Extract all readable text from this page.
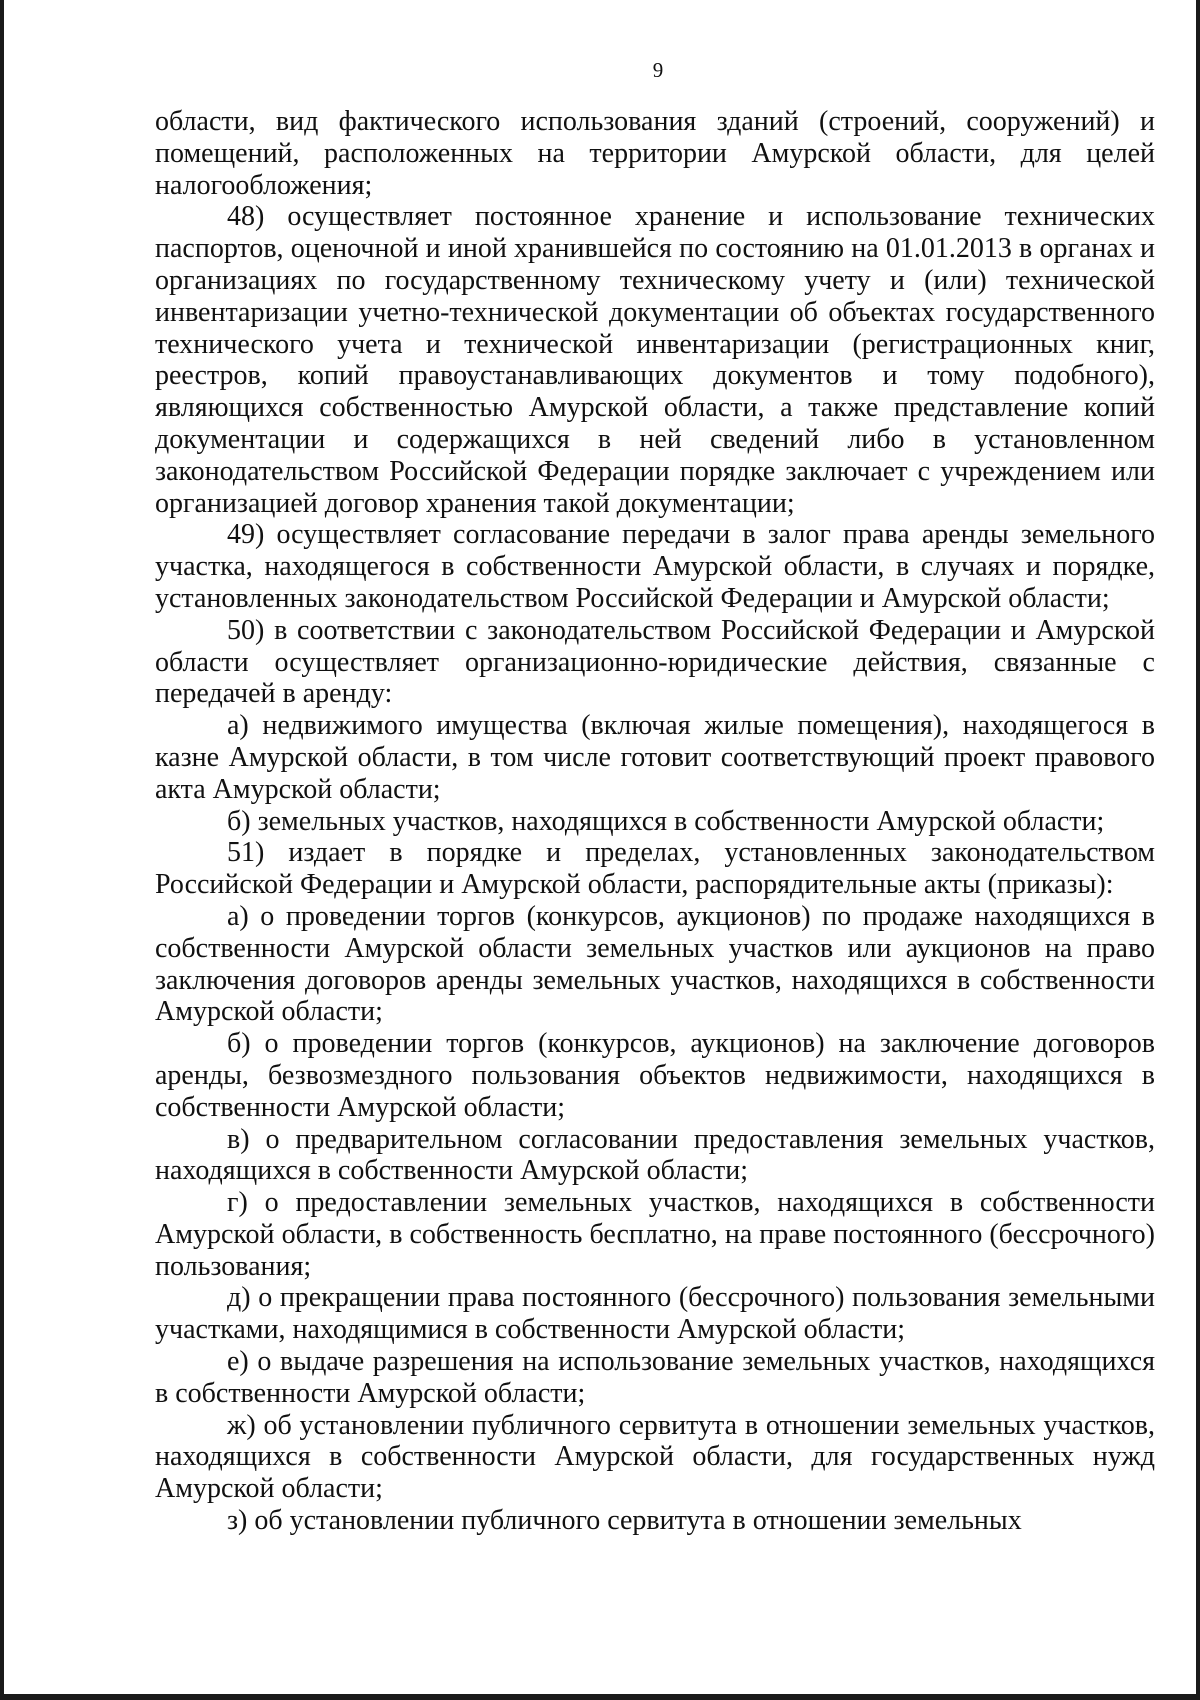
9

области, вид фактического использования зданий (строений, сооружений) и помещений, расположенных на территории Амурской области, для целей налогообложения;

48) осуществляет постоянное хранение и использование технических паспортов, оценочной и иной хранившейся по состоянию на 01.01.2013 в органах и организациях по государственному техническому учету и (или) технической инвентаризации учетно-технической документации об объектах государственного технического учета и технической инвентаризации (регистрационных книг, реестров, копий правоустанавливающих документов и тому подобного), являющихся собственностью Амурской области, а также представление копий документации и содержащихся в ней сведений либо в установленном законодательством Российской Федерации порядке заключает с учреждением или организацией договор хранения такой документации;

49) осуществляет согласование передачи в залог права аренды земельного участка, находящегося в собственности Амурской области, в случаях и порядке, установленных законодательством Российской Федерации и Амурской области;

50) в соответствии с законодательством Российской Федерации и Амурской области осуществляет организационно-юридические действия, связанные с передачей в аренду:

а) недвижимого имущества (включая жилые помещения), находящегося в казне Амурской области, в том числе готовит соответствующий проект правового акта Амурской области;

б) земельных участков, находящихся в собственности Амурской области;

51) издает в порядке и пределах, установленных законодательством Российской Федерации и Амурской области, распорядительные акты (приказы):

а) о проведении торгов (конкурсов, аукционов) по продаже находящихся в собственности Амурской области земельных участков или аукционов на право заключения договоров аренды земельных участков, находящихся в собственности Амурской области;

б) о проведении торгов (конкурсов, аукционов) на заключение договоров аренды, безвозмездного пользования объектов недвижимости, находящихся в собственности Амурской области;

в) о предварительном согласовании предоставления земельных участков, находящихся в собственности Амурской области;

г) о предоставлении земельных участков, находящихся в собственности Амурской области, в собственность бесплатно, на праве постоянного (бессрочного) пользования;

д) о прекращении права постоянного (бессрочного) пользования земельными участками, находящимися в собственности Амурской области;

е) о выдаче разрешения на использование земельных участков, находящихся в собственности Амурской области;

ж) об установлении публичного сервитута в отношении земельных участков, находящихся в собственности Амурской области, для государственных нужд Амурской области;

з) об установлении публичного сервитута в отношении земельных
